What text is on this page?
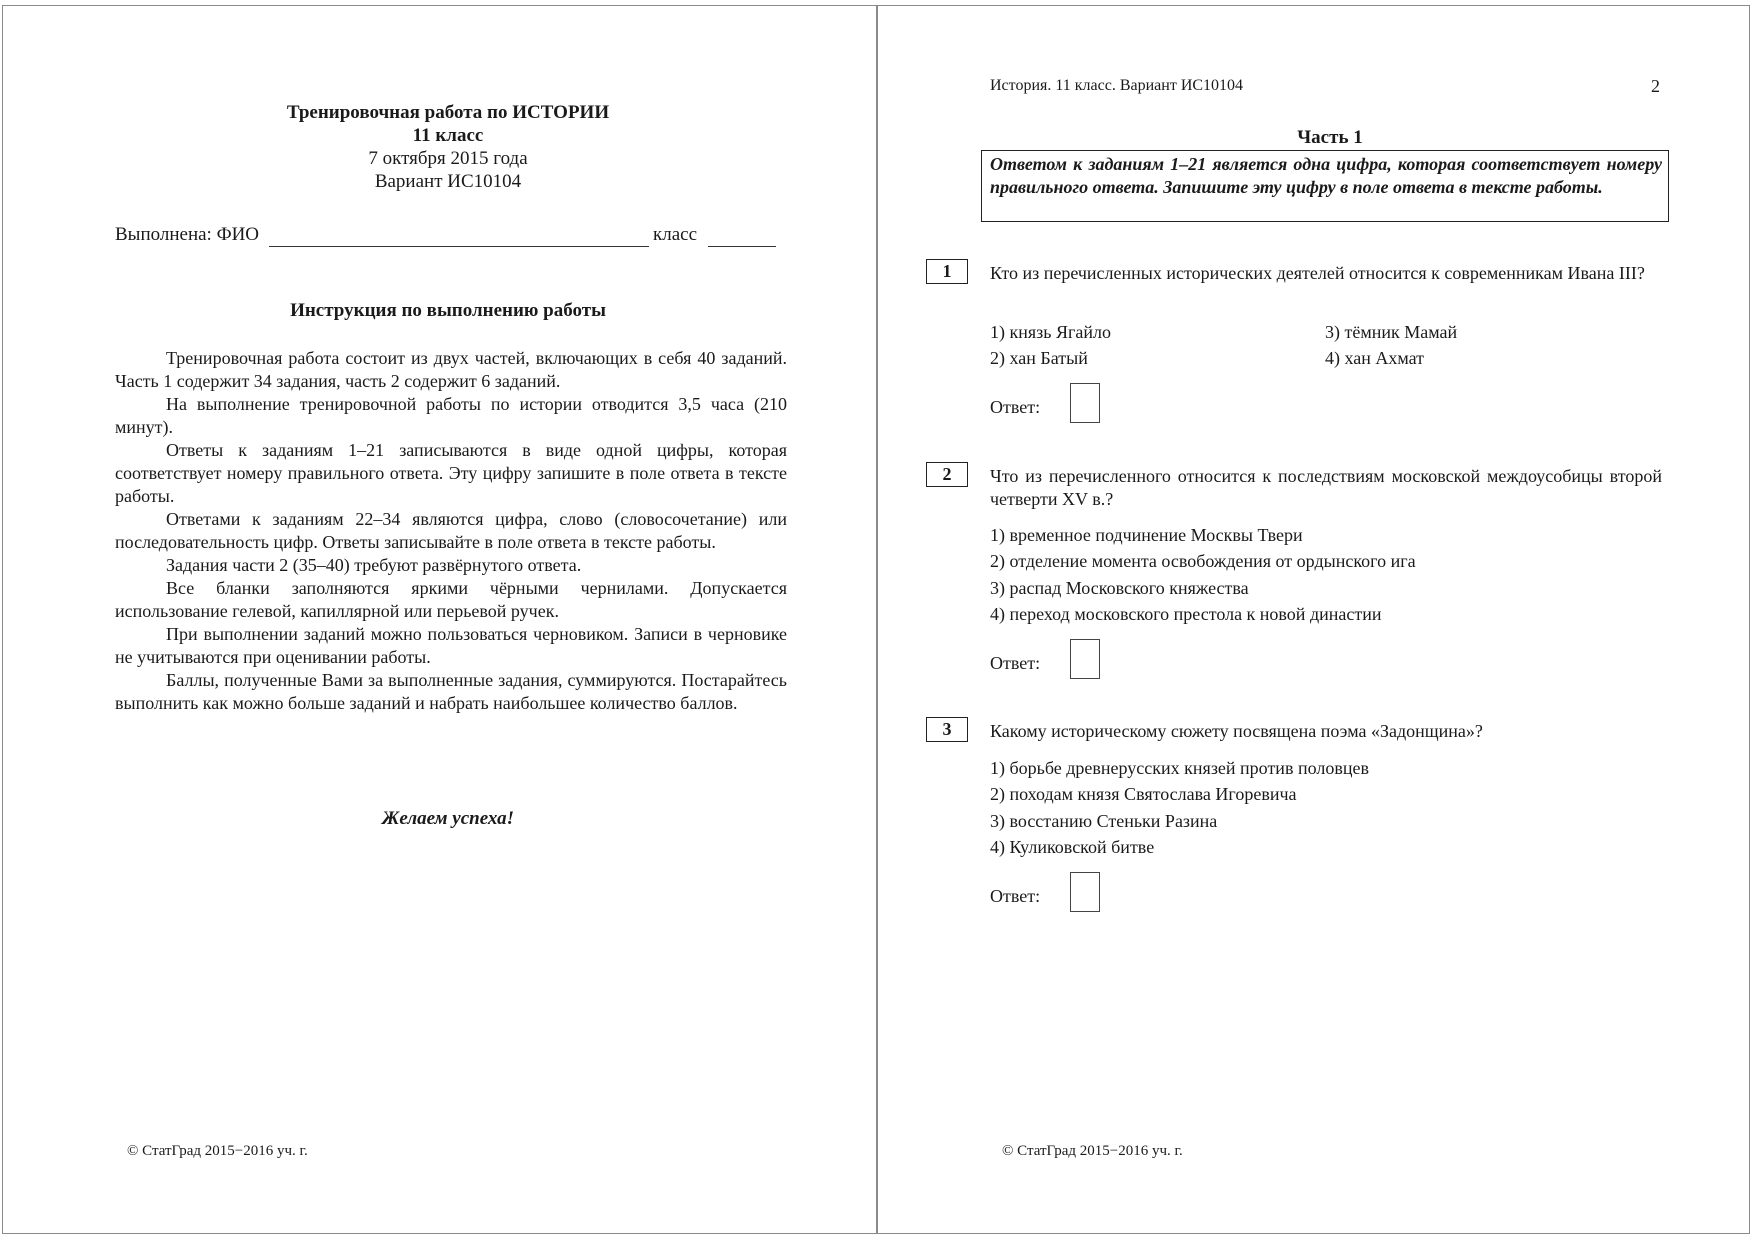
Тренировочная работа по ИСТОРИИ
11 класс
7 октября 2015 года
Вариант ИС10104
Выполнена: ФИО	класс
Инструкция по выполнению работы

Тренировочная работа состоит из двух частей, включающих в себя 40 заданий. Часть 1 содержит 34 задания, часть 2 содержит 6 заданий.

На выполнение тренировочной работы по истории отводится 3,5 часа (210 минут).

Ответы к заданиям 1–21 записываются в виде одной цифры, которая соответствует номеру правильного ответа. Эту цифру запишите в поле ответа в тексте работы.

Ответами к заданиям 22–34 являются цифра, слово (словосочетание) или последовательность цифр. Ответы записывайте в поле ответа в тексте работы.

Задания части 2 (35–40) требуют развёрнутого ответа.

Все бланки заполняются яркими чёрными чернилами. Допускается использование гелевой, капиллярной или перьевой ручек.

При выполнении заданий можно пользоваться черновиком. Записи в черновике не учитываются при оценивании работы.

Баллы, полученные Вами за выполненные задания, суммируются. Постарайтесь выполнить как можно больше заданий и набрать наибольшее количество баллов.

Желаем успеха!
© СтатГрад 2015−2016 уч. г.
История. 11 класс. Вариант ИС10104	2
Часть 1
Ответом к заданиям 1–21 является одна цифра, которая соответствует номеру правильного ответа. Запишите эту цифру в поле ответа в тексте работы.
1	Кто из перечисленных исторических деятелей относится к современникам Ивана III?
1) князь Ягайло
2) хан Батый
3) тёмник Мамай
4) хан Ахмат
Ответ:
2	Что из перечисленного относится к последствиям московской междоусобицы второй четверти XV в.?
1) временное подчинение Москвы Твери
2) отделение момента освобождения от ордынского ига
3) распад Московского княжества
4) переход московского престола к новой династии
Ответ:
3	Какому историческому сюжету посвящена поэма «Задонщина»?
1) борьбе древнерусских князей против половцев
2) походам князя Святослава Игоревича
3) восстанию Стеньки Разина
4) Куликовской битве
Ответ:
© СтатГрад 2015−2016 уч. г.
